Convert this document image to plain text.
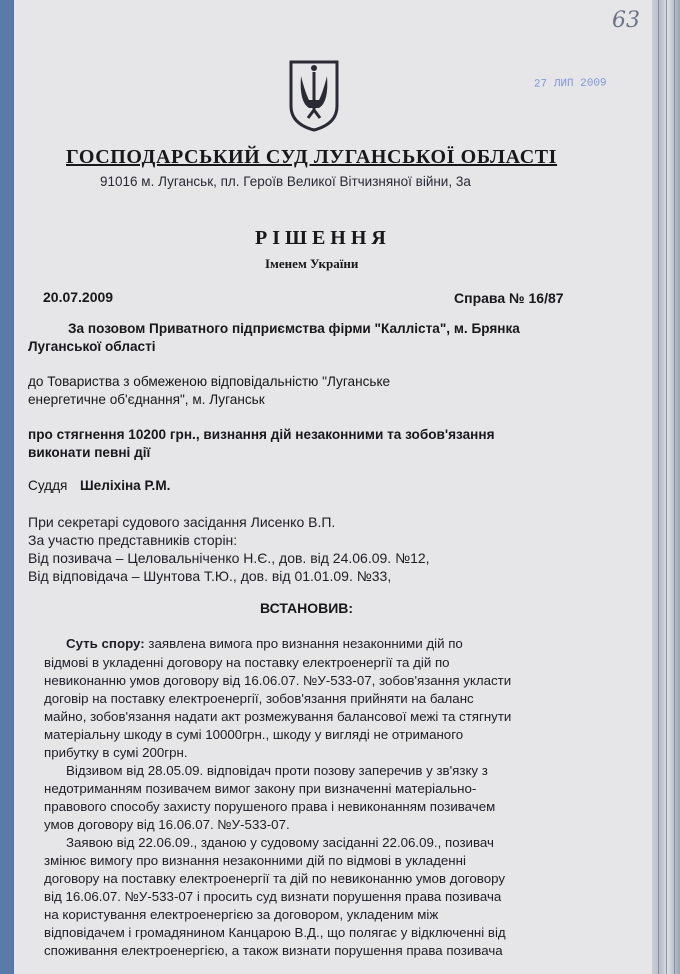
63
27 ЛИП 2009
ГОСПОДАРСЬКИЙ СУД ЛУГАНСЬКОЇ ОБЛАСТІ
91016 м. Луганськ, пл. Героїв Великої Вітчизняної війни, 3а
РІШЕННЯ
Іменем України
20.07.2009	Справа № 16/87
За позовом Приватного підприємства фірми "Калліста", м. Брянка
Луганської області
до Товариства з обмеженою відповідальністю "Луганське
енергетичне об'єднання", м. Луганськ
про стягнення 10200 грн., визнання дій незаконними та зобов'язання
виконати певні дії
Суддя Шеліхіна Р.М.
При секретарі судового засідання Лисенко В.П.
За участю представників сторін:
Від позивача – Целовальніченко Н.Є., дов. від 24.06.09. №12,
Від відповідача – Шунтова Т.Ю., дов. від 01.01.09. №33,
ВСТАНОВИВ:
Суть спору: заявлена вимога про визнання незаконними дій по
відмові в укладенні договору на поставку електроенергії та дій по
невиконанню умов договору від 16.06.07. №У-533-07, зобов'язання укласти
договір на поставку електроенергії, зобов'язання прийняти на баланс
майно, зобов'язання надати акт розмежування балансової межі та стягнути
матеріальну шкоду в сумі 10000грн., шкоду у вигляді не отриманого
прибутку в сумі 200грн.
Відзивом від 28.05.09. відповідач проти позову заперечив у зв'язку з
недотриманням позивачем вимог закону при визначенні матеріально-
правового способу захисту порушеного права і невиконанням позивачем
умов договору від 16.06.07. №У-533-07.
Заявою від 22.06.09., зданою у судовому засіданні 22.06.09., позивач
змінює вимогу про визнання незаконними дій по відмові в укладенні
договору на поставку електроенергії та дій по невиконанню умов договору
від 16.06.07. №У-533-07 і просить суд визнати порушення права позивача
на користування електроенергією за договором, укладеним між
відповідачем і громадянином Канцарою В.Д., що полягає у відключенні від
споживання електроенергією, а також визнати порушення права позивача
